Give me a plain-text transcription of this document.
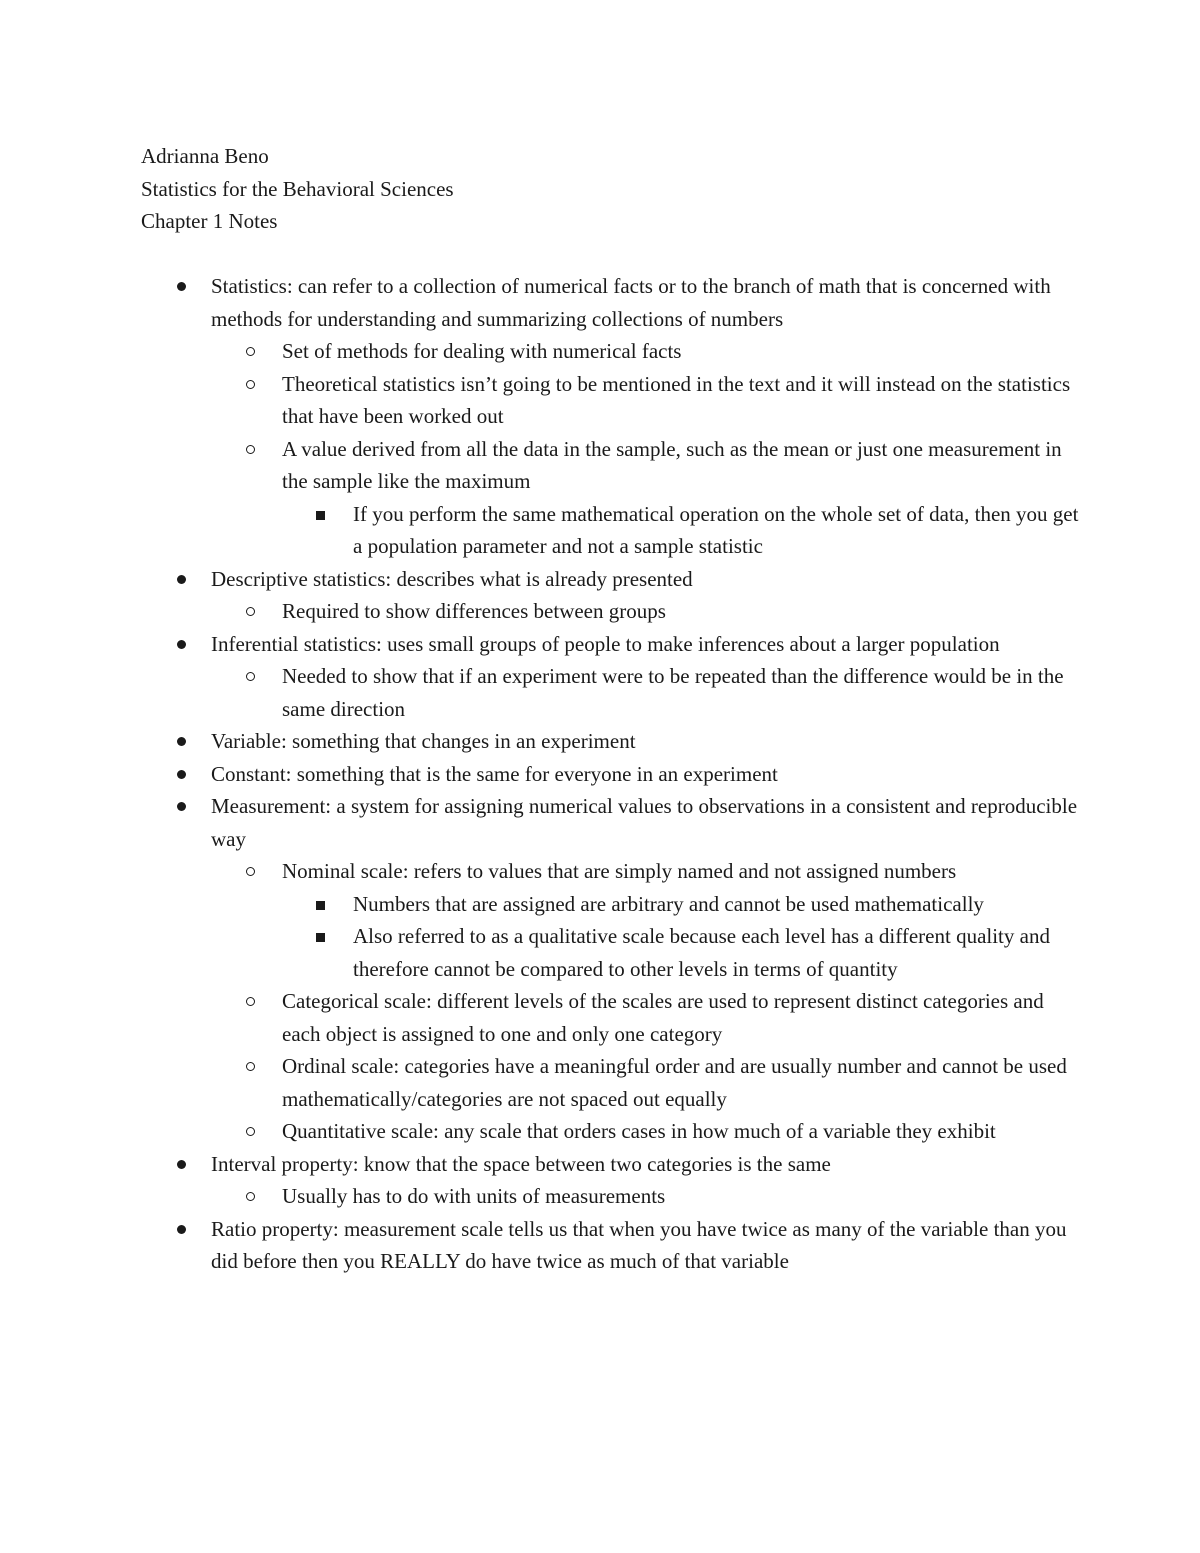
Adrianna Beno
Statistics for the Behavioral Sciences
Chapter 1 Notes
Statistics: can refer to a collection of numerical facts or to the branch of math that is concerned with methods for understanding and summarizing collections of numbers
Set of methods for dealing with numerical facts
Theoretical statistics isn’t going to be mentioned in the text and it will instead on the statistics that have been worked out
A value derived from all the data in the sample, such as the mean or just one measurement in the sample like the maximum
If you perform the same mathematical operation on the whole set of data, then you get a population parameter and not a sample statistic
Descriptive statistics: describes what is already presented
Required to show differences between groups
Inferential statistics: uses small groups of people to make inferences about a larger population
Needed to show that if an experiment were to be repeated than the difference would be in the same direction
Variable: something that changes in an experiment
Constant: something that is the same for everyone in an experiment
Measurement: a system for assigning numerical values to observations in a consistent and reproducible way
Nominal scale: refers to values that are simply named and not assigned numbers
Numbers that are assigned are arbitrary and cannot be used mathematically
Also referred to as a qualitative scale because each level has a different quality and therefore cannot be compared to other levels in terms of quantity
Categorical scale: different levels of the scales are used to represent distinct categories and each object is assigned to one and only one category
Ordinal scale: categories have a meaningful order and are usually number and cannot be used mathematically/categories are not spaced out equally
Quantitative scale: any scale that orders cases in how much of a variable they exhibit
Interval property: know that the space between two categories is the same
Usually has to do with units of measurements
Ratio property: measurement scale tells us that when you have twice as many of the variable than you did before then you REALLY do have twice as much of that variable
